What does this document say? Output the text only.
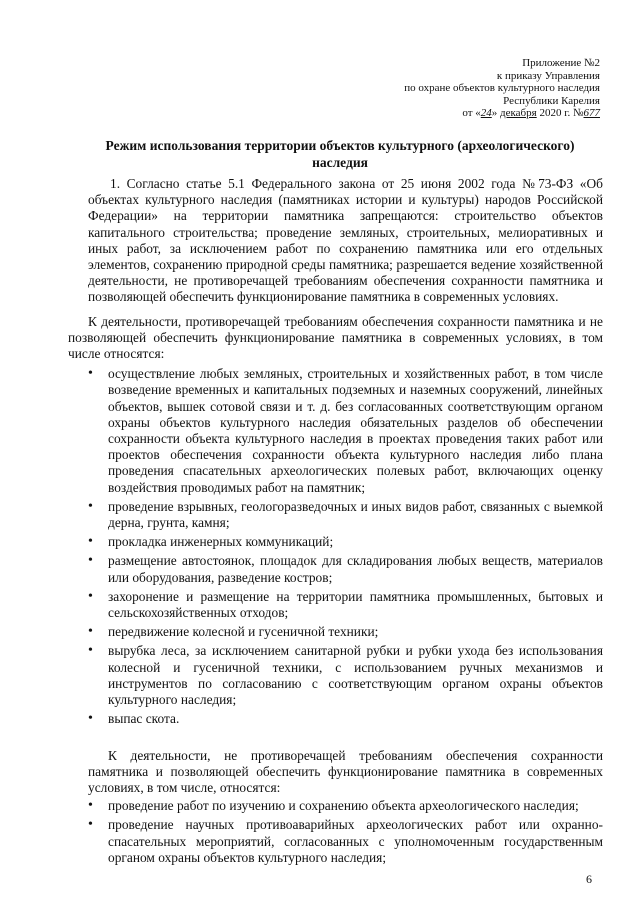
Приложение №2
к приказу Управления
по охране объектов культурного наследия
Республики Карелия
от «24» декабря 2020 г. №677
Режим использования территории объектов культурного (археологического) наследия

1. Согласно статье 5.1 Федерального закона от 25 июня 2002 года №73-ФЗ «Об объектах культурного наследия (памятниках истории и культуры) народов Российской Федерации» на территории памятника запрещаются: строительство объектов капитального строительства; проведение земляных, строительных, мелиоративных и иных работ, за исключением работ по сохранению памятника или его отдельных элементов, сохранению природной среды памятника; разрешается ведение хозяйственной деятельности, не противоречащей требованиям обеспечения сохранности памятника и позволяющей обеспечить функционирование памятника в современных условиях.

К деятельности, противоречащей требованиям обеспечения сохранности памятника и не позволяющей обеспечить функционирование памятника в современных условиях, в том числе относятся:

• осуществление любых земляных, строительных и хозяйственных работ, в том числе возведение временных и капитальных подземных и наземных сооружений, линейных объектов, вышек сотовой связи и т. д. без согласованных соответствующим органом охраны объектов культурного наследия обязательных разделов об обеспечении сохранности объекта культурного наследия в проектах проведения таких работ или проектов обеспечения сохранности объекта культурного наследия либо плана проведения спасательных археологических полевых работ, включающих оценку воздействия проводимых работ на памятник;
• проведение взрывных, геологоразведочных и иных видов работ, связанных с выемкой дерна, грунта, камня;
• прокладка инженерных коммуникаций;
• размещение автостоянок, площадок для складирования любых веществ, материалов или оборудования, разведение костров;
• захоронение и размещение на территории памятника промышленных, бытовых и сельскохозяйственных отходов;
• передвижение колесной и гусеничной техники;
• вырубка леса, за исключением санитарной рубки и рубки ухода без использования колесной и гусеничной техники, с использованием ручных механизмов и инструментов по согласованию с соответствующим органом охраны объектов культурного наследия;
• выпас скота.

К деятельности, не противоречащей требованиям обеспечения сохранности памятника и позволяющей обеспечить функционирование памятника в современных условиях, в том числе, относятся:

• проведение работ по изучению и сохранению объекта археологического наследия;
• проведение научных противоаварийных археологических работ или охранно-спасательных мероприятий, согласованных с уполномоченным государственным органом охраны объектов культурного наследия;
6
